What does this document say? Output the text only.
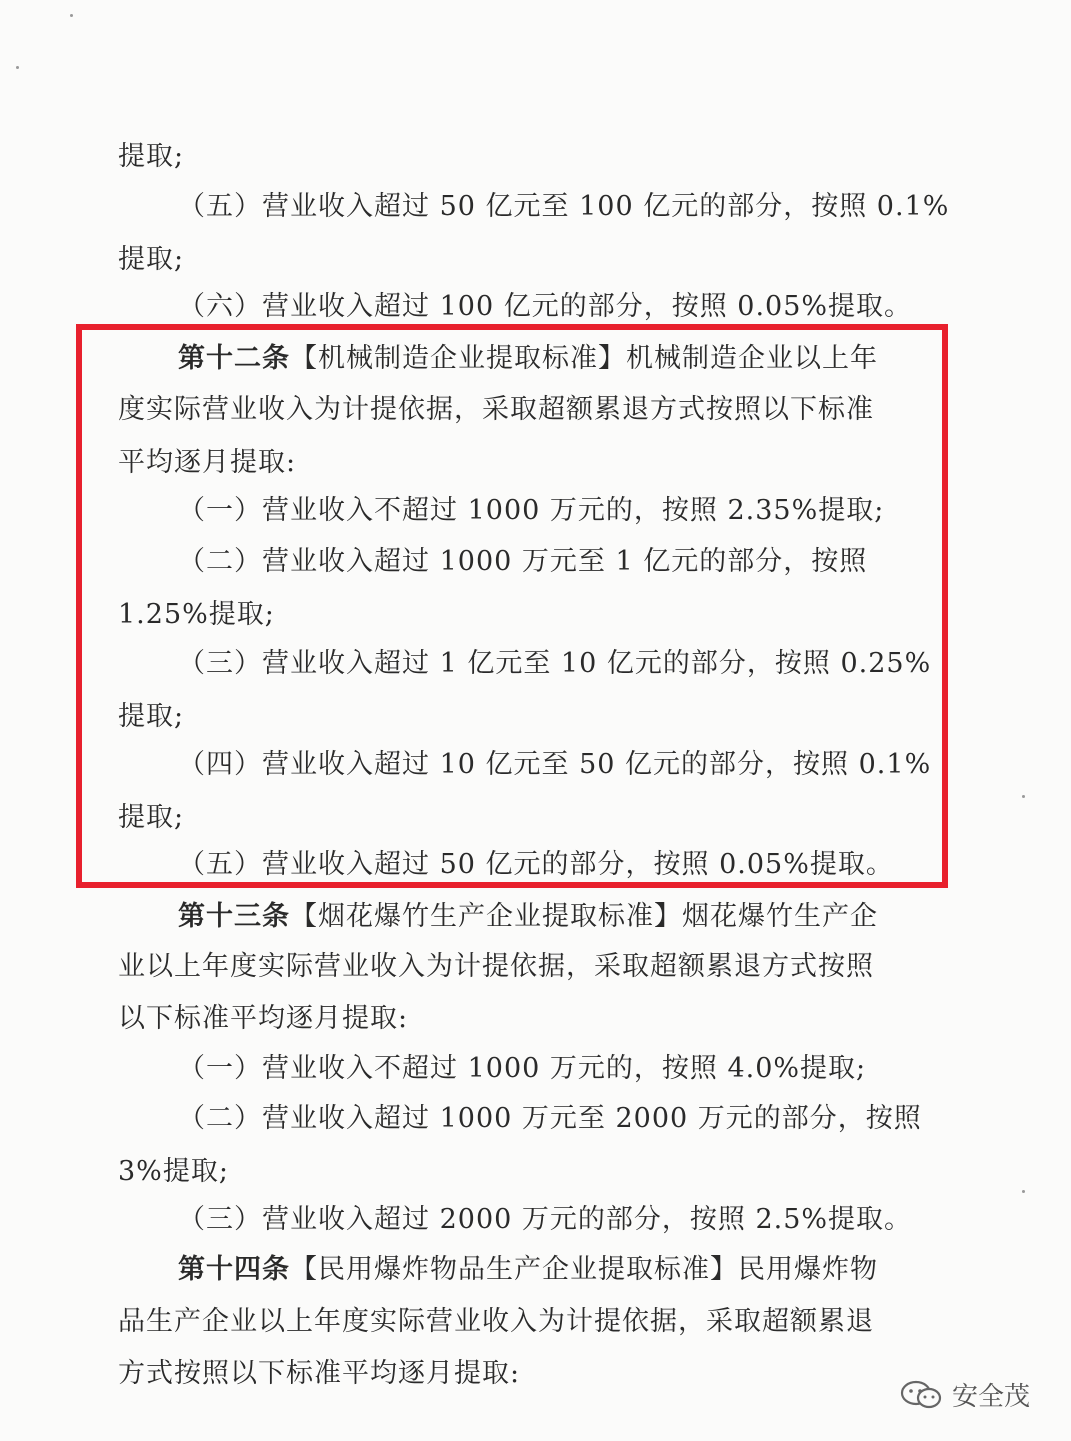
提取;
（五）营业收入超过 50 亿元至 100 亿元的部分，按照 0.1%
提取;
（六）营业收入超过 100 亿元的部分，按照 0.05%提取。
第十二条【机械制造企业提取标准】机械制造企业以上年
度实际营业收入为计提依据，采取超额累退方式按照以下标准
平均逐月提取:
（一）营业收入不超过 1000 万元的，按照 2.35%提取;
（二）营业收入超过 1000 万元至 1 亿元的部分，按照
1.25%提取;
（三）营业收入超过 1 亿元至 10 亿元的部分，按照 0.25%
提取;
（四）营业收入超过 10 亿元至 50 亿元的部分，按照 0.1%
提取;
（五）营业收入超过 50 亿元的部分，按照 0.05%提取。
第十三条【烟花爆竹生产企业提取标准】烟花爆竹生产企
业以上年度实际营业收入为计提依据，采取超额累退方式按照
以下标准平均逐月提取:
（一）营业收入不超过 1000 万元的，按照 4.0%提取;
（二）营业收入超过 1000 万元至 2000 万元的部分，按照
3%提取;
（三）营业收入超过 2000 万元的部分，按照 2.5%提取。
第十四条【民用爆炸物品生产企业提取标准】民用爆炸物
品生产企业以上年度实际营业收入为计提依据，采取超额累退
方式按照以下标准平均逐月提取:
安全茂
